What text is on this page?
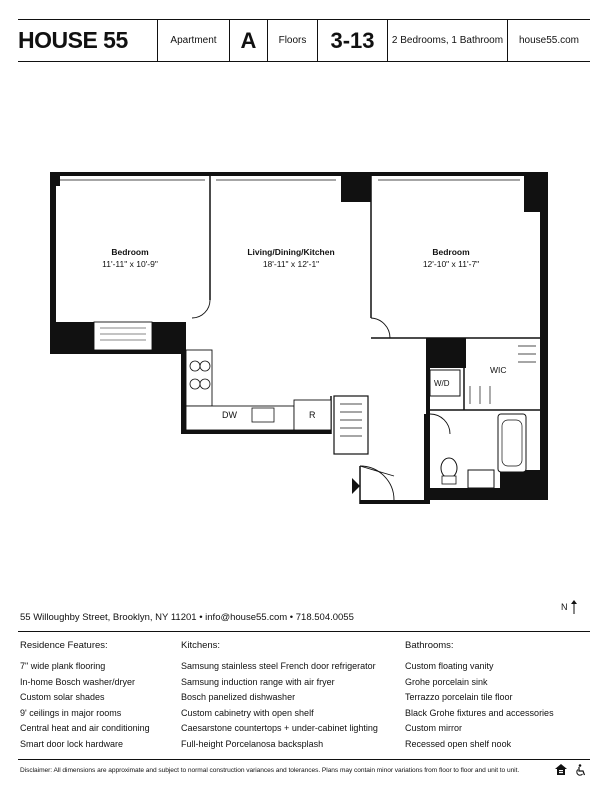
HOUSE 55	Apartment	A	Floors	3-13	2 Bedrooms, 1 Bathroom	house55.com
Bedroom
11'-11" x 10'-9"
Living/Dining/Kitchen
18'-11" x 12'-1"
Bedroom
12'-10" x 11'-7"
DW	R
W/D
WIC
55 Willoughby Street, Brooklyn, NY 11201 • info@house55.com • 718.504.0055
N
Residence Features:
7" wide plank flooring
In-home Bosch washer/dryer
Custom solar shades
9' ceilings in major rooms
Central heat and air conditioning
Smart door lock hardware
Kitchens:
Samsung stainless steel French door refrigerator
Samsung induction range with air fryer
Bosch panelized dishwasher
Custom cabinetry with open shelf
Caesarstone countertops + under-cabinet lighting
Full-height Porcelanosa backsplash
Bathrooms:
Custom floating vanity
Grohe porcelain sink
Terrazzo porcelain tile floor
Black Grohe fixtures and accessories
Custom mirror
Recessed open shelf nook
Disclaimer: All dimensions are approximate and subject to normal construction variances and tolerances. Plans may contain minor variations from floor to floor and unit to unit.
